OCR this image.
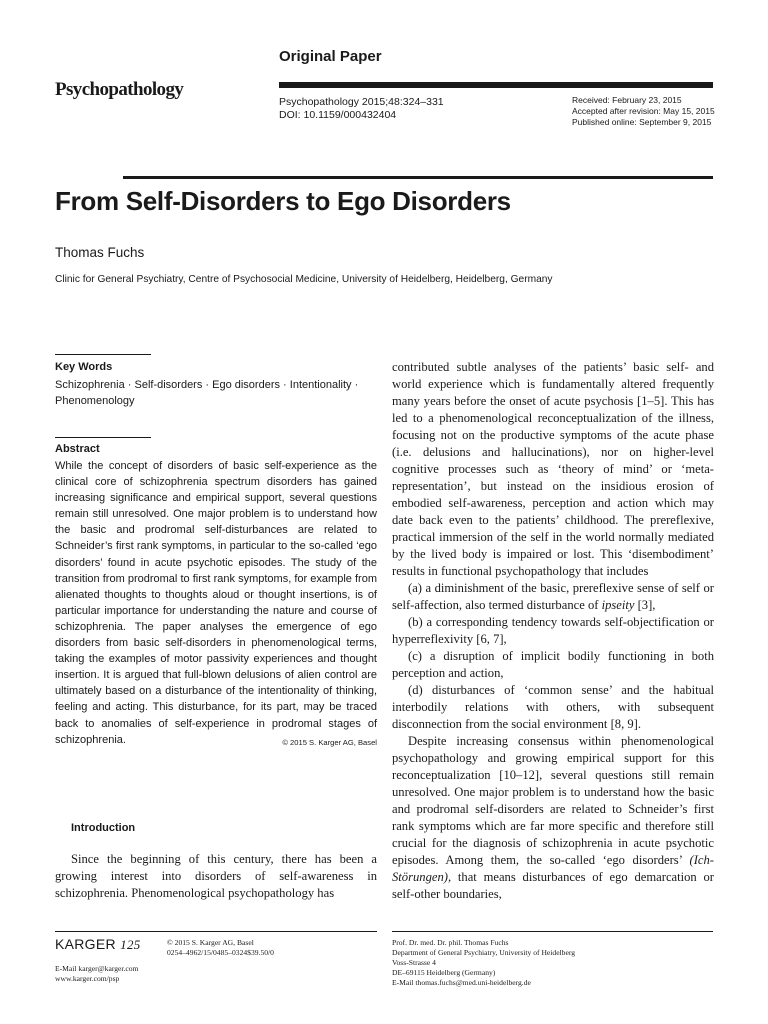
Original Paper
Psychopathology
Psychopathology 2015;48:324–331
DOI: 10.1159/000432404
Received: February 23, 2015
Accepted after revision: May 15, 2015
Published online: September 9, 2015
From Self-Disorders to Ego Disorders
Thomas Fuchs
Clinic for General Psychiatry, Centre of Psychosocial Medicine, University of Heidelberg, Heidelberg, Germany
Key Words
Schizophrenia · Self-disorders · Ego disorders · Intentionality · Phenomenology
Abstract
While the concept of disorders of basic self-experience as the clinical core of schizophrenia spectrum disorders has gained increasing significance and empirical support, several questions remain still unresolved. One major problem is to understand how the basic and prodromal self-disturbances are related to Schneider’s first rank symptoms, in particular to the so-called ‘ego disorders’ found in acute psychotic episodes. The study of the transition from prodromal to first rank symptoms, for example from alienated thoughts to thoughts aloud or thought insertions, is of particular importance for understanding the nature and course of schizophrenia. The paper analyses the emergence of ego disorders from basic self-disorders in phenomenological terms, taking the examples of motor passivity experiences and thought insertion. It is argued that full-blown delusions of alien control are ultimately based on a disturbance of the intentionality of thinking, feeling and acting. This disturbance, for its part, may be traced back to anomalies of self-experience in prodromal stages of schizophrenia.	© 2015 S. Karger AG, Basel
Introduction
Since the beginning of this century, there has been a growing interest into disorders of self-awareness in schizophrenia. Phenomenological psychopathology has

contributed subtle analyses of the patients’ basic self- and world experience which is fundamentally altered frequently many years before the onset of acute psychosis [1–5]. This has led to a phenomenological reconceptualization of the illness, focusing not on the productive symptoms of the acute phase (i.e. delusions and hallucinations), nor on higher-level cognitive processes such as ‘theory of mind’ or ‘meta-representation’, but instead on the insidious erosion of embodied self-awareness, perception and action which may date back even to the patients’ childhood. The prereflexive, practical immersion of the self in the world normally mediated by the lived body is impaired or lost. This ‘disembodiment’ results in functional psychopathology that includes

(a) a diminishment of the basic, prereflexive sense of self or self-affection, also termed disturbance of ipseity [3],

(b) a corresponding tendency towards self-objectification or hyperreflexivity [6, 7],

(c) a disruption of implicit bodily functioning in both perception and action,

(d) disturbances of ‘common sense’ and the habitual interbodily relations with others, with subsequent disconnection from the social environment [8, 9].

Despite increasing consensus within phenomenological psychopathology and growing empirical support for this reconceptualization [10–12], several questions still remain unresolved. One major problem is to understand how the basic and prodromal self-disorders are related to Schneider’s first rank symptoms which are far more specific and therefore still crucial for the diagnosis of schizophrenia in acute psychotic episodes. Among them, the so-called ‘ego disorders’ (Ich-Störungen), that means disturbances of ego demarcation or self-other boundaries,

KARGER 125	© 2015 S. Karger AG, Basel
0254–4962/15/0485–0324$39.50/0
E-Mail karger@karger.com
www.karger.com/psp
Prof. Dr. med. Dr. phil. Thomas Fuchs
Department of General Psychiatry, University of Heidelberg
Voss-Strasse 4
DE–69115 Heidelberg (Germany)
E-Mail thomas.fuchs@med.uni-heidelberg.de
